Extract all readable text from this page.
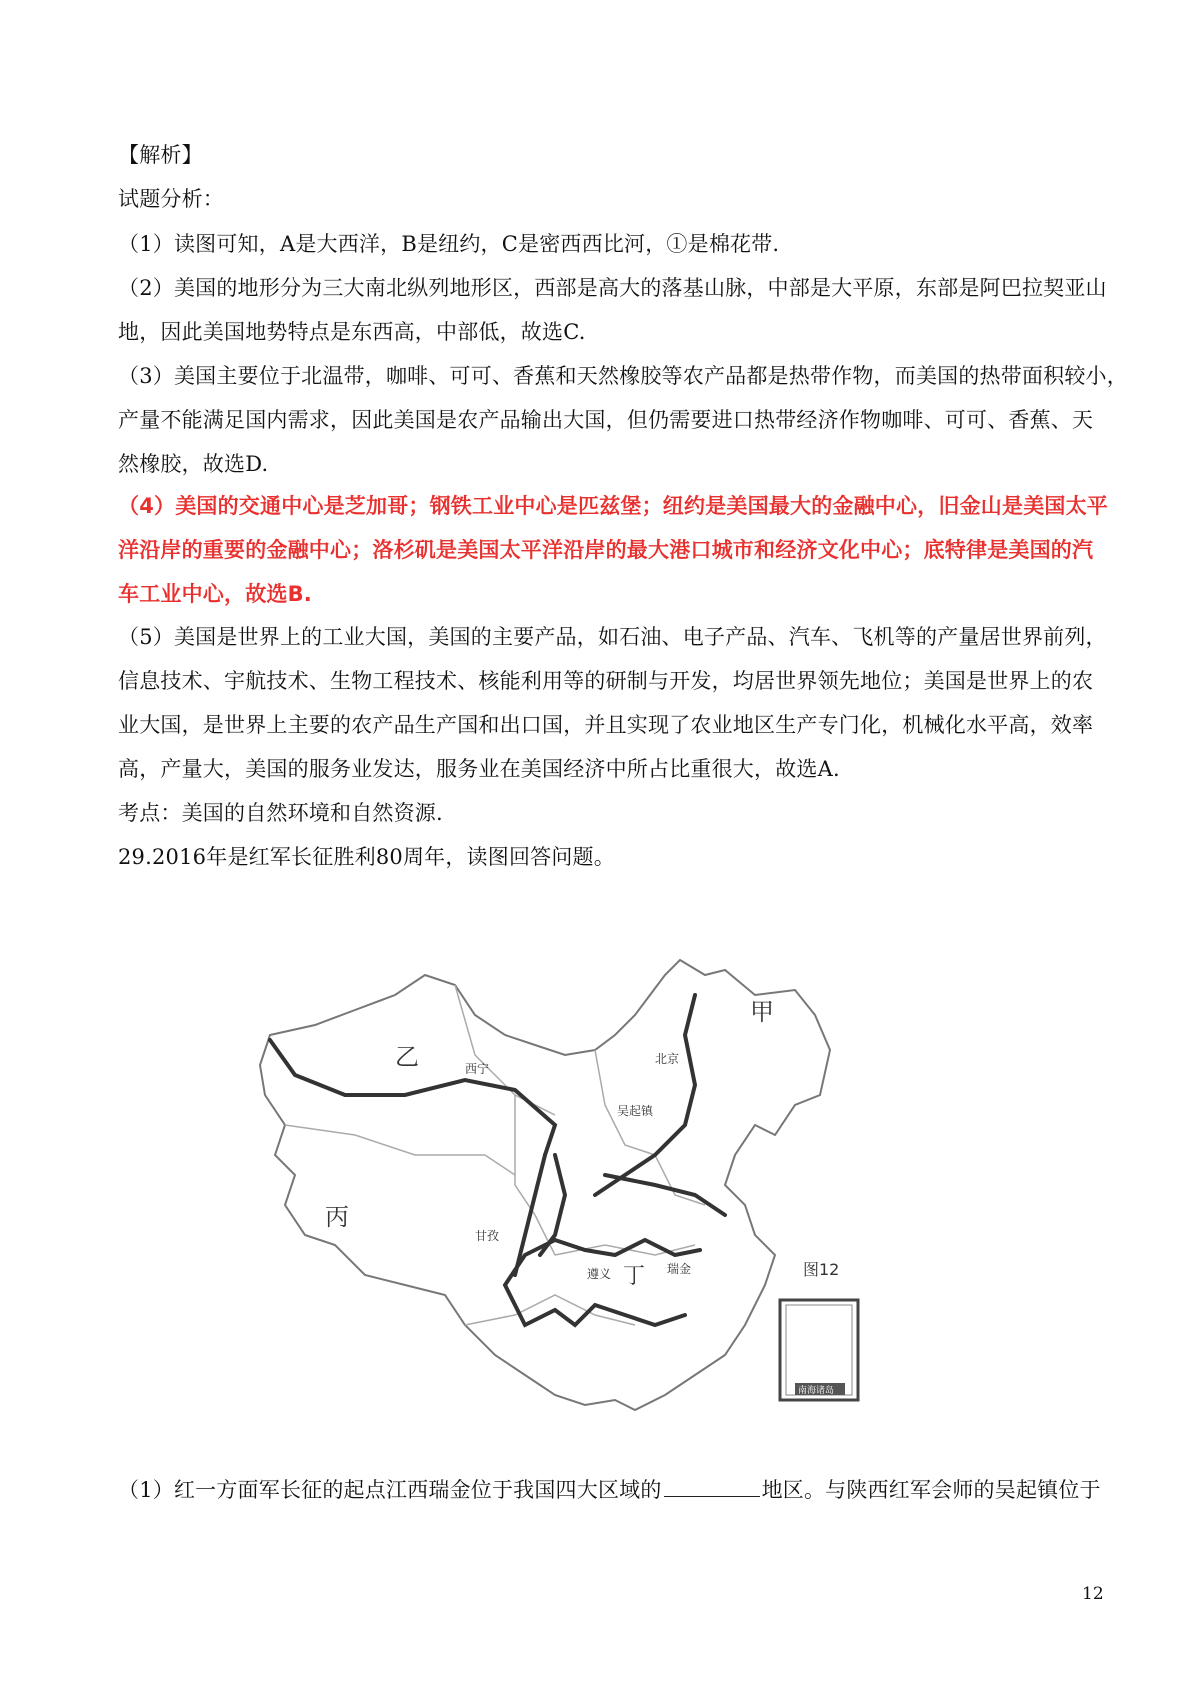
【解析】
试题分析：
（1）读图可知，A是大西洋，B是纽约，C是密西西比河，①是棉花带.
（2）美国的地形分为三大南北纵列地形区，西部是高大的落基山脉，中部是大平原，东部是阿巴拉契亚山
地，因此美国地势特点是东西高，中部低，故选C.
（3）美国主要位于北温带，咖啡、可可、香蕉和天然橡胶等农产品都是热带作物，而美国的热带面积较小，
产量不能满足国内需求，因此美国是农产品输出大国，但仍需要进口热带经济作物咖啡、可可、香蕉、天
然橡胶，故选D.
（4）美国的交通中心是芝加哥；钢铁工业中心是匹兹堡；纽约是美国最大的金融中心，旧金山是美国太平
洋沿岸的重要的金融中心；洛杉矶是美国太平洋沿岸的最大港口城市和经济文化中心；底特律是美国的汽
车工业中心，故选B.
（5）美国是世界上的工业大国，美国的主要产品，如石油、电子产品、汽车、飞机等的产量居世界前列，
信息技术、宇航技术、生物工程技术、核能利用等的研制与开发，均居世界领先地位；美国是世界上的农
业大国，是世界上主要的农产品生产国和出口国，并且实现了农业地区生产专门化，机械化水平高，效率
高，产量大，美国的服务业发达，服务业在美国经济中所占比重很大，故选A.
考点：美国的自然环境和自然资源.
29.2016年是红军长征胜利80周年，读图回答问题。
甲
乙
丙
丁	图12
西宁
北京
吴起镇
遵义	瑞金
甘孜
南海诸岛
（1）红一方面军长征的起点江西瑞金位于我国四大区域的	地区。与陕西红军会师的吴起镇位于
12
